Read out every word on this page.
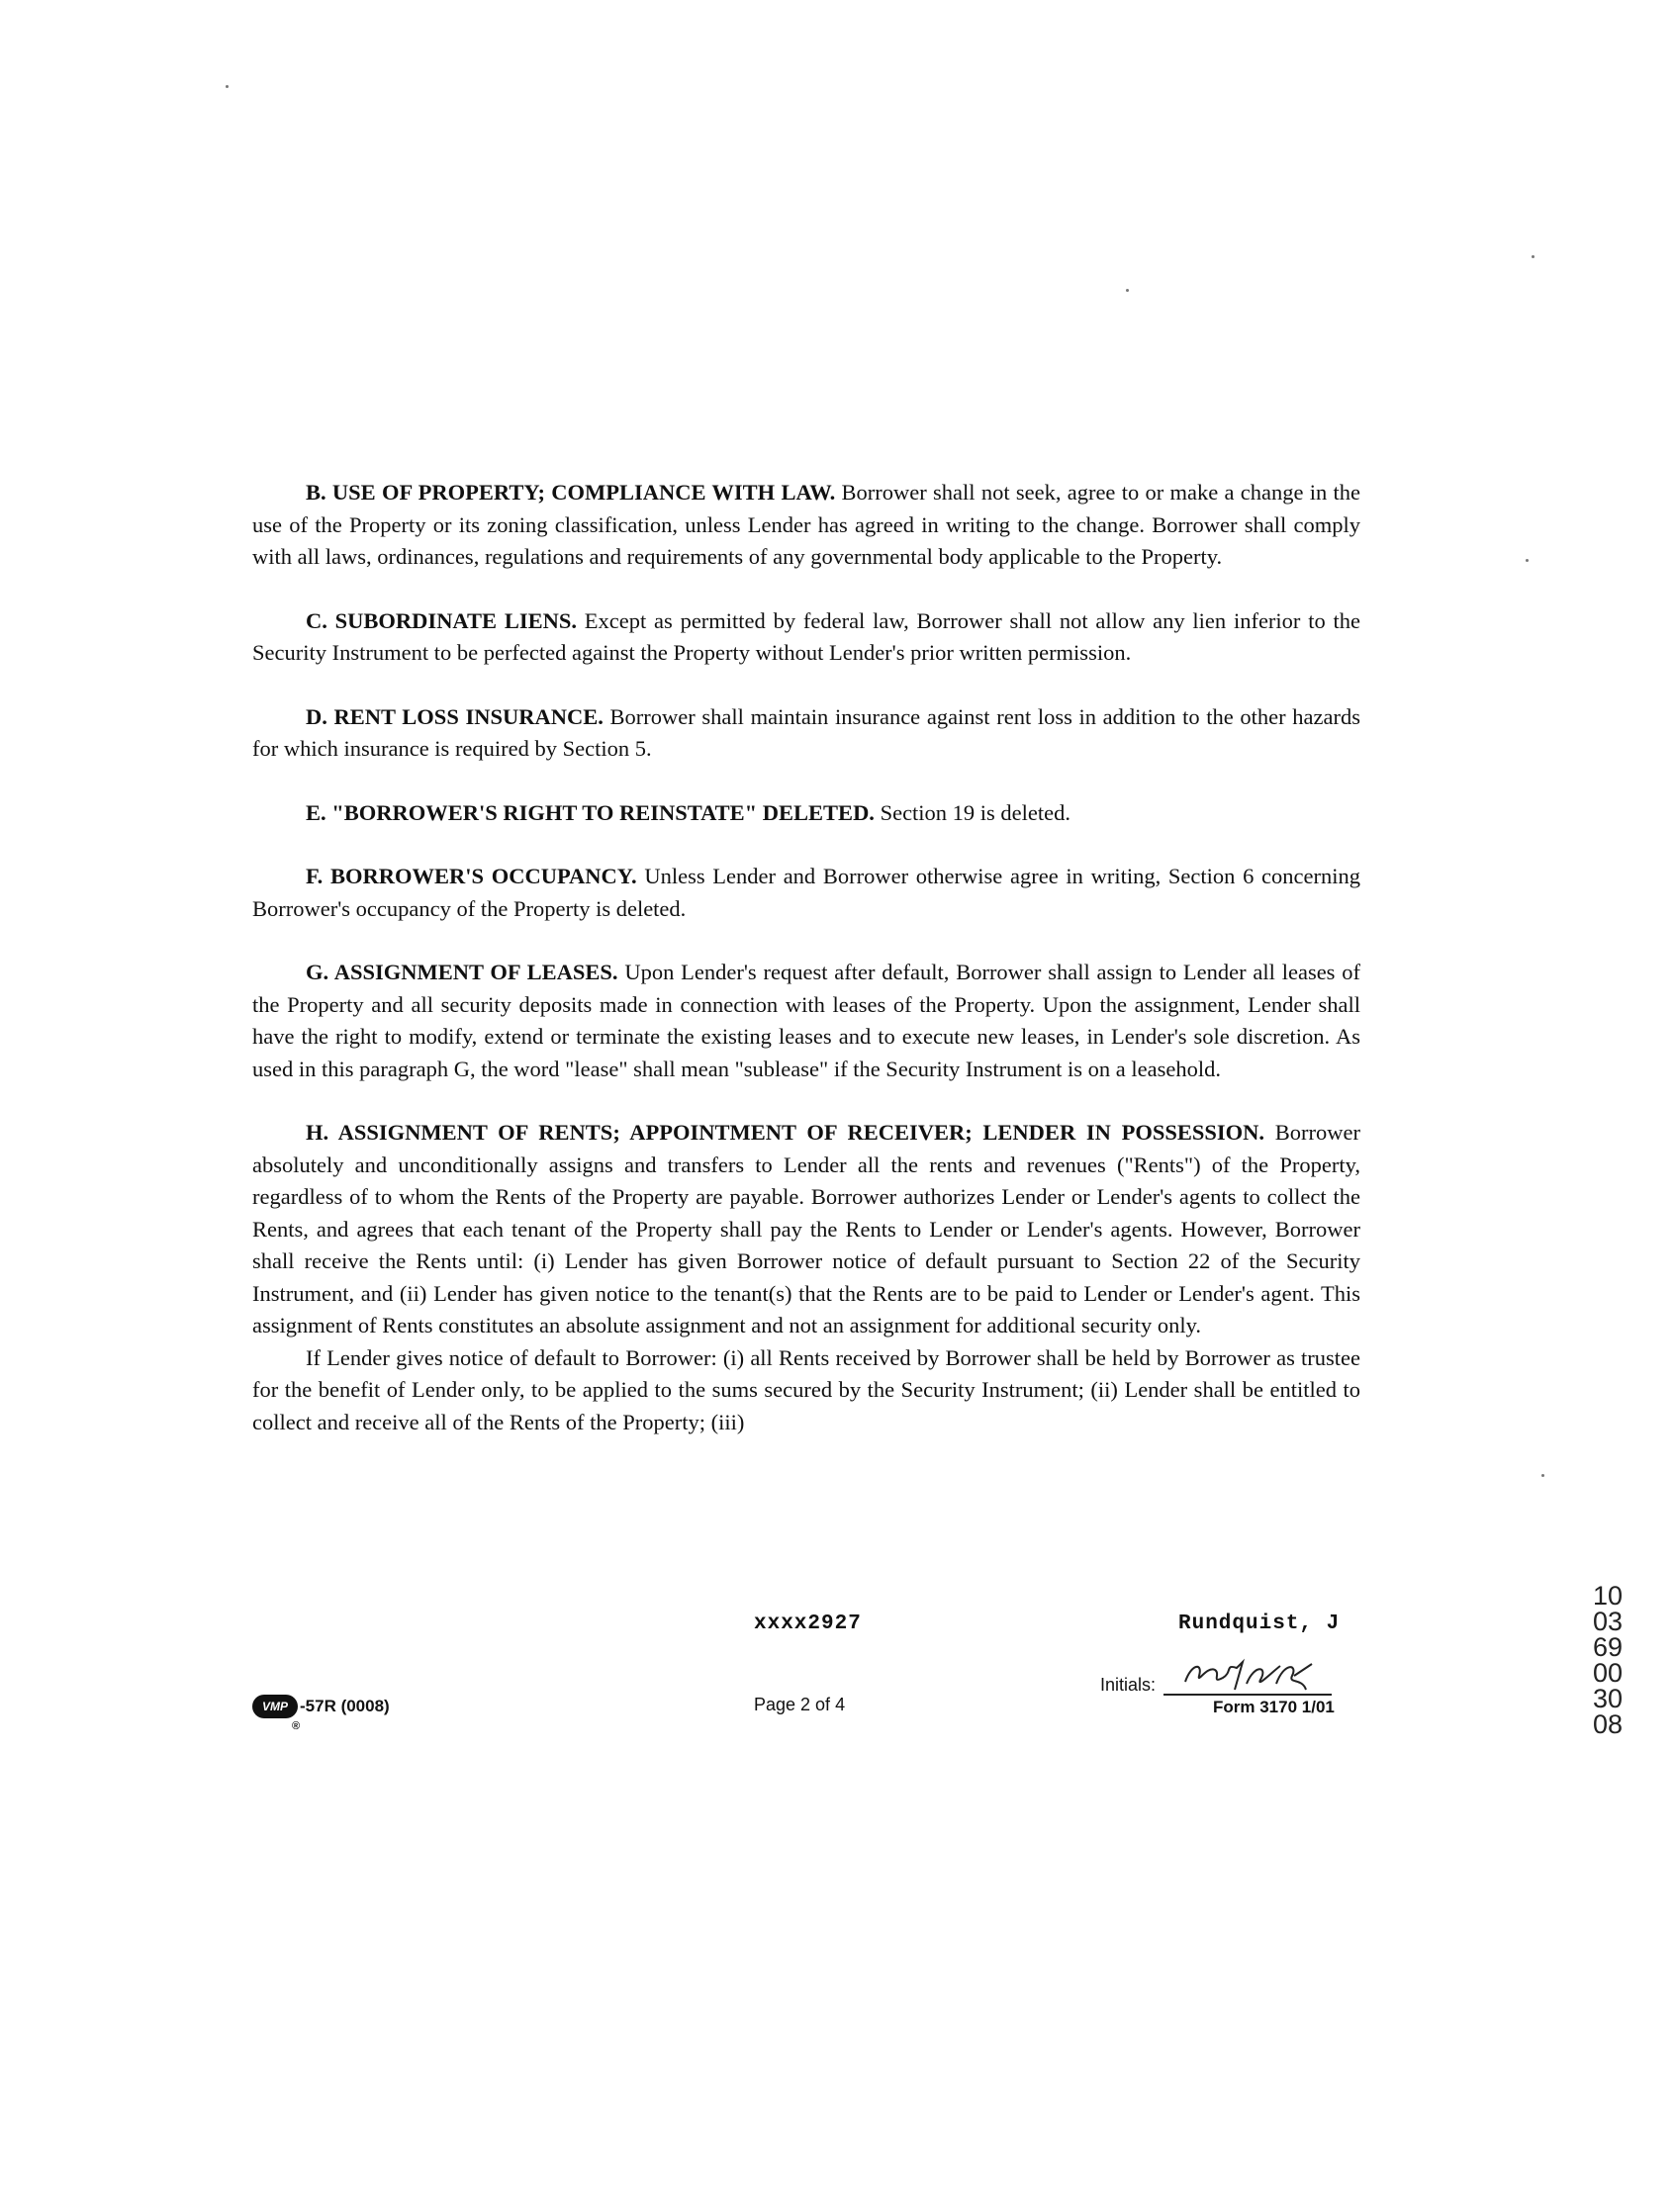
B. USE OF PROPERTY; COMPLIANCE WITH LAW. Borrower shall not seek, agree to or make a change in the use of the Property or its zoning classification, unless Lender has agreed in writing to the change. Borrower shall comply with all laws, ordinances, regulations and requirements of any governmental body applicable to the Property.

C. SUBORDINATE LIENS. Except as permitted by federal law, Borrower shall not allow any lien inferior to the Security Instrument to be perfected against the Property without Lender's prior written permission.

D. RENT LOSS INSURANCE. Borrower shall maintain insurance against rent loss in addition to the other hazards for which insurance is required by Section 5.

E. "BORROWER'S RIGHT TO REINSTATE" DELETED. Section 19 is deleted.

F. BORROWER'S OCCUPANCY. Unless Lender and Borrower otherwise agree in writing, Section 6 concerning Borrower's occupancy of the Property is deleted.

G. ASSIGNMENT OF LEASES. Upon Lender's request after default, Borrower shall assign to Lender all leases of the Property and all security deposits made in connection with leases of the Property. Upon the assignment, Lender shall have the right to modify, extend or terminate the existing leases and to execute new leases, in Lender's sole discretion. As used in this paragraph G, the word "lease" shall mean "sublease" if the Security Instrument is on a leasehold.

H. ASSIGNMENT OF RENTS; APPOINTMENT OF RECEIVER; LENDER IN POSSESSION. Borrower absolutely and unconditionally assigns and transfers to Lender all the rents and revenues ("Rents") of the Property, regardless of to whom the Rents of the Property are payable. Borrower authorizes Lender or Lender's agents to collect the Rents, and agrees that each tenant of the Property shall pay the Rents to Lender or Lender's agents. However, Borrower shall receive the Rents until: (i) Lender has given Borrower notice of default pursuant to Section 22 of the Security Instrument, and (ii) Lender has given notice to the tenant(s) that the Rents are to be paid to Lender or Lender's agent. This assignment of Rents constitutes an absolute assignment and not an assignment for additional security only.

If Lender gives notice of default to Borrower: (i) all Rents received by Borrower shall be held by Borrower as trustee for the benefit of Lender only, to be applied to the sums secured by the Security Instrument; (ii) Lender shall be entitled to collect and receive all of the Rents of the Property; (iii)

xxxx2927	Rundquist, J
VMP
®
-57R (0008)	Page 2 of 4
Initials:
Form 3170 1/01
100369 003008
